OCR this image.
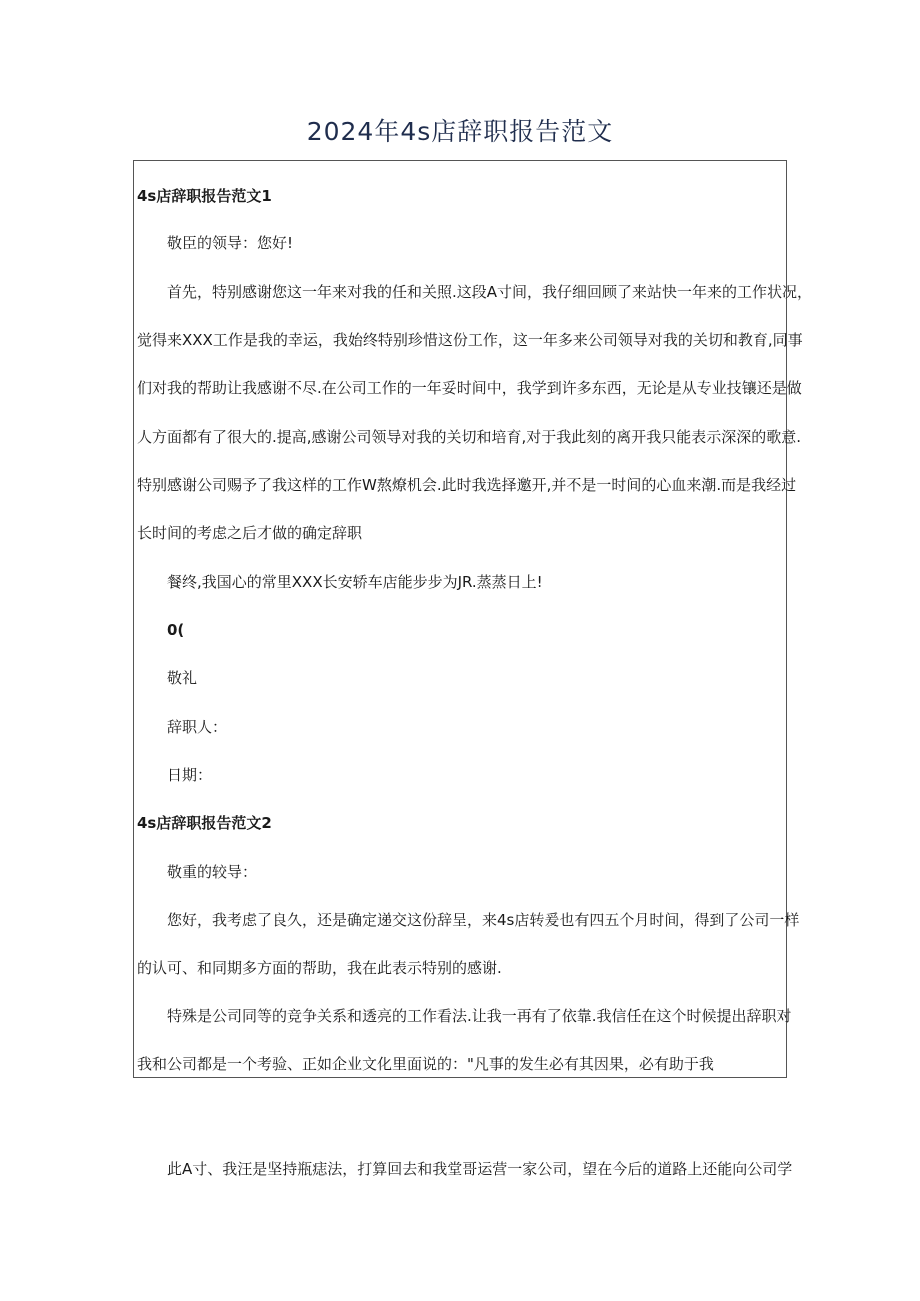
2024年4s店辞职报告范文
4s店辞职报告范文1
敬臣的领导：您好!
首先，特别感谢您这一年来对我的任和关照.这段A寸间，我仔细回顾了来站快一年来的工作状况，
觉得来XXX工作是我的幸运，我始终特别珍惜这份工作，这一年多来公司领导对我的关切和教育,同事
们对我的帮助让我感谢不尽.在公司工作的一年妥时间中，我学到许多东西，无论是从专业技镶还是做
人方面都有了很大的.提高,感谢公司领导对我的关切和培育,对于我此刻的离开我只能表示深深的歌意.
特别感谢公司赐予了我这样的工作W熬燎机会.此时我选择邀开,并不是一时间的心血来潮.而是我经过
长时间的考虑之后才做的确定辞职
餐终,我国心的常里XXX长安轿车店能步步为JR.蒸蒸日上!
0(
敬礼
辞职人：
日期：
4s店辞职报告范文2
敬重的较导：
您好，我考虑了良久，还是确定递交这份辞呈，来4s店转爰也有四五个月时间，得到了公司一样
的认可、和同期多方面的帮助，我在此表示特别的感谢.
特殊是公司同等的竞争关系和透亮的工作看法.让我一再有了依靠.我信任在这个时候提出辞职对
我和公司都是一个考验、正如企业文化里面说的："凡事的发生必有其因果，必有助于我
此A寸、我汪是坚持瓶痣法，打算回去和我堂哥运营一家公司，望在今后的道路上还能向公司学
